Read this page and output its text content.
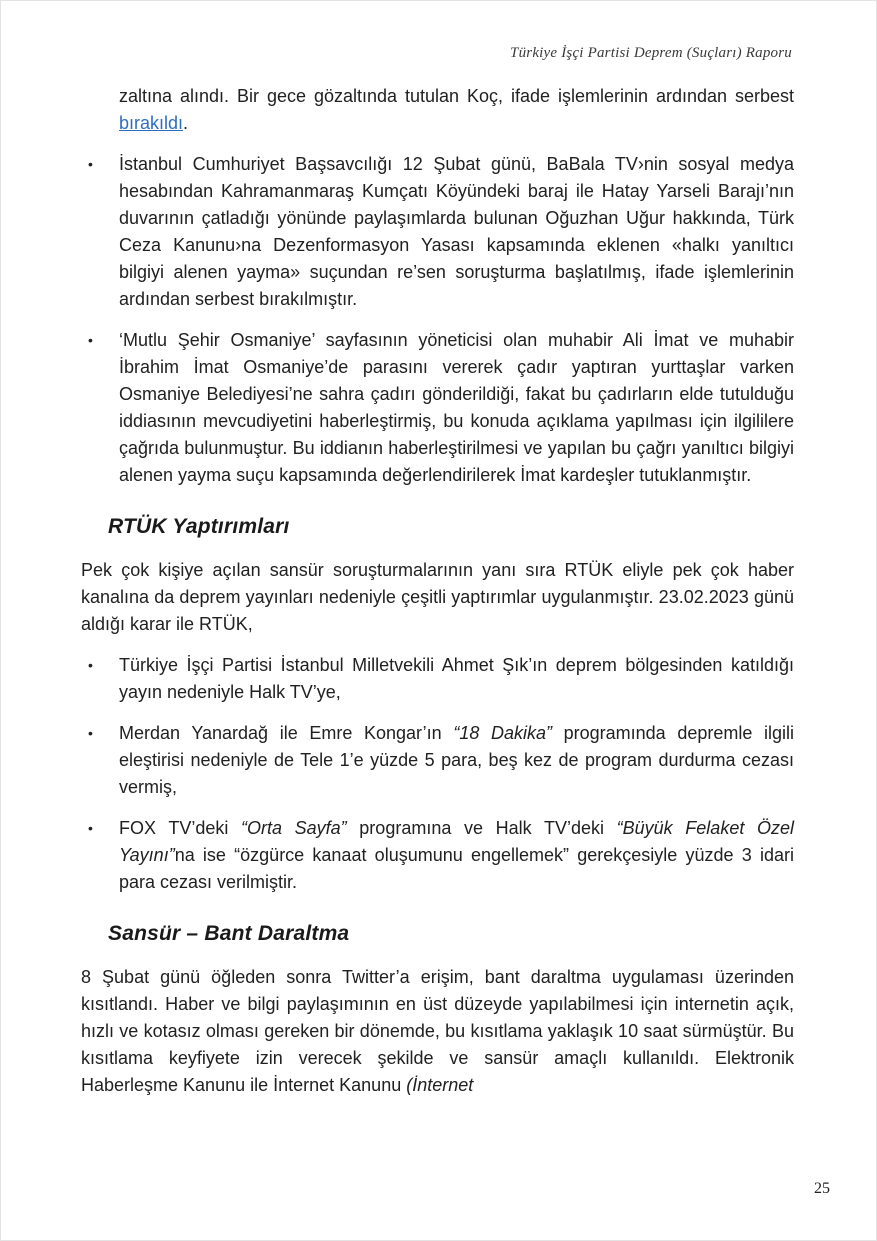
Türkiye İşçi Partisi Deprem (Suçları) Raporu

zaltına alındı. Bir gece gözaltında tutulan Koç, ifade işlemlerinin ardından serbest bırakıldı.

•	İstanbul Cumhuriyet Başsavcılığı 12 Şubat günü, BaBala TV›nin sosyal medya hesabından Kahramanmaraş Kumçatı Köyündeki baraj ile Hatay Yarseli Barajı’nın duvarının çatladığı yönünde paylaşımlarda bulunan Oğuzhan Uğur hakkında, Türk Ceza Kanunu›na Dezenformasyon Yasası kapsamında eklenen «halkı yanıltıcı bilgiyi alenen yayma» suçundan re’sen soruşturma başlatılmış, ifade işlemlerinin ardından serbest bırakılmıştır.
•	‘Mutlu Şehir Osmaniye’ sayfasının yöneticisi olan muhabir Ali İmat ve muhabir İbrahim İmat Osmaniye’de parasını vererek çadır yaptıran yurttaşlar varken Osmaniye Belediyesi’ne sahra çadırı gönderildiği, fakat bu çadırların elde tutulduğu iddiasının mevcudiyetini haberleştirmiş, bu konuda açıklama yapılması için ilgililere çağrıda bulunmuştur. Bu iddianın haberleştirilmesi ve yapılan bu çağrı yanıltıcı bilgiyi alenen yayma suçu kapsamında değerlendirilerek İmat kardeşler tutuklanmıştır.
RTÜK Yaptırımları

Pek çok kişiye açılan sansür soruşturmalarının yanı sıra RTÜK eliyle pek çok haber kanalına da deprem yayınları nedeniyle çeşitli yaptırımlar uygulanmıştır. 23.02.2023 günü aldığı karar ile RTÜK,

•	Türkiye İşçi Partisi İstanbul Milletvekili Ahmet Şık’ın deprem bölgesinden katıldığı yayın nedeniyle Halk TV’ye,
•	Merdan Yanardağ ile Emre Kongar’ın “18 Dakika” programında depremle ilgili eleştirisi nedeniyle de Tele 1’e yüzde 5 para, beş kez de program durdurma cezası vermiş,
•	FOX TV’deki “Orta Sayfa” programına ve Halk TV’deki “Büyük Felaket Özel Yayını”na ise “özgürce kanaat oluşumunu engellemek” gerekçesiyle yüzde 3 idari para cezası verilmiştir.
Sansür – Bant Daraltma

8 Şubat günü öğleden sonra Twitter’a erişim, bant daraltma uygulaması üzerinden kısıtlandı. Haber ve bilgi paylaşımının en üst düzeyde yapılabilmesi için internetin açık, hızlı ve kotasız olması gereken bir dönemde, bu kısıtlama yaklaşık 10 saat sürmüştür. Bu kısıtlama keyfiyete izin verecek şekilde ve sansür amaçlı kullanıldı. Elektronik Haberleşme Kanunu ile İnternet Kanunu (İnternet

25
